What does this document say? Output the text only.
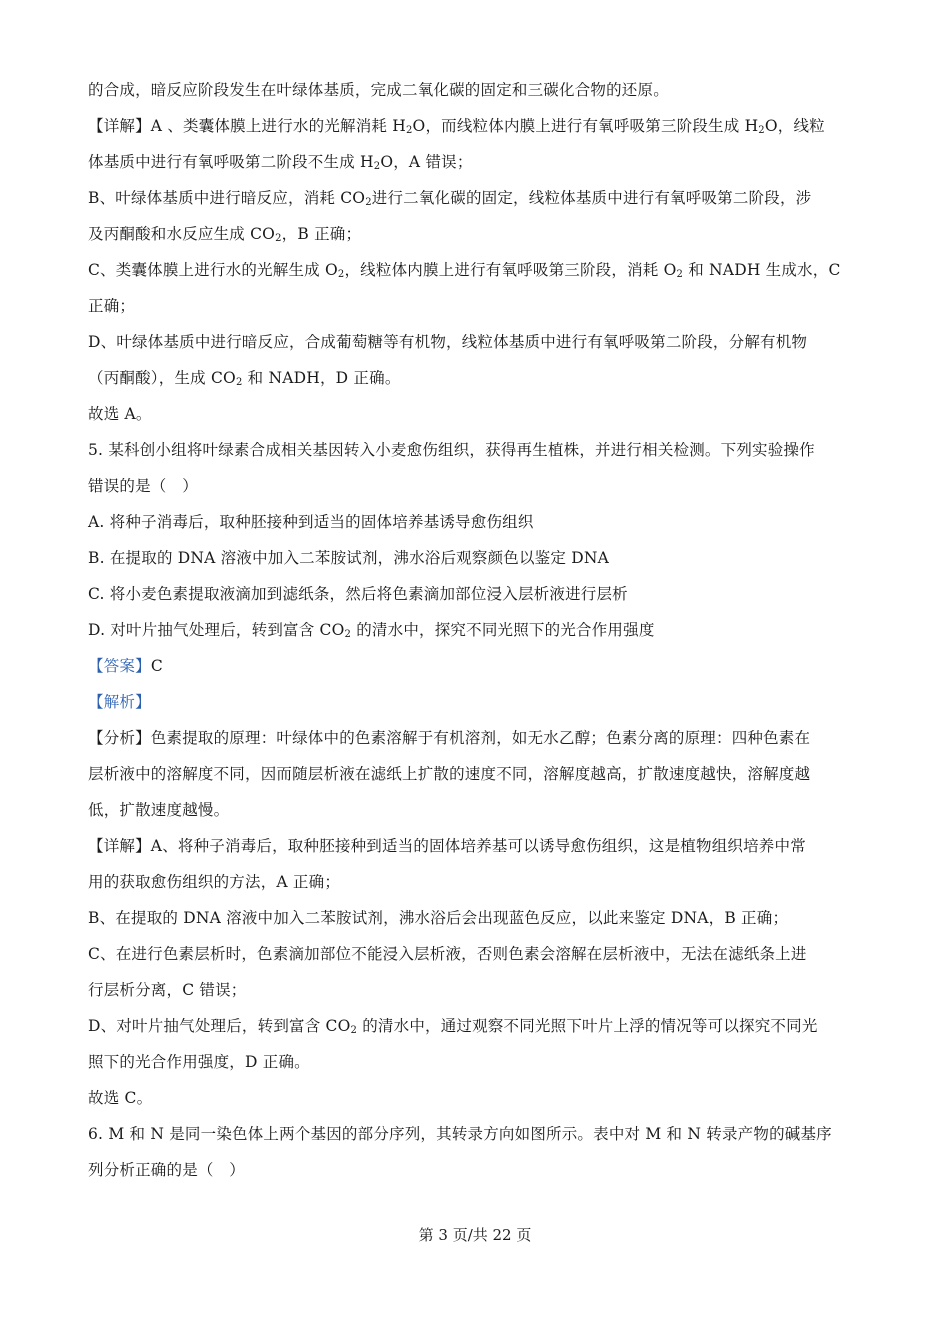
的合成，暗反应阶段发生在叶绿体基质，完成二氧化碳的固定和三碳化合物的还原。
【详解】A 、类囊体膜上进行水的光解消耗 $H_2O$，而线粒体内膜上进行有氧呼吸第三阶段生成 $H_2O$，线粒
体基质中进行有氧呼吸第二阶段不生成 $H_2O$，A 错误；
B、叶绿体基质中进行暗反应，消耗 $CO_2$进行二氧化碳的固定，线粒体基质中进行有氧呼吸第二阶段，涉
及丙酮酸和水反应生成 $CO_2$，B 正确；
C、类囊体膜上进行水的光解生成 $O_2$，线粒体内膜上进行有氧呼吸第三阶段，消耗 $O_2$ 和 NADH 生成水，C
正确；
D、叶绿体基质中进行暗反应，合成葡萄糖等有机物，线粒体基质中进行有氧呼吸第二阶段，分解有机物
（丙酮酸），生成 $CO_2$ 和 NADH，D 正确。
故选 A。
5. 某科创小组将叶绿素合成相关基因转入小麦愈伤组织，获得再生植株，并进行相关检测。下列实验操作
错误的是（　）
A. 将种子消毒后，取种胚接种到适当的固体培养基诱导愈伤组织
B. 在提取的 DNA 溶液中加入二苯胺试剂，沸水浴后观察颜色以鉴定 DNA
C. 将小麦色素提取液滴加到滤纸条，然后将色素滴加部位浸入层析液进行层析
D. 对叶片抽气处理后，转到富含 $CO_2$ 的清水中，探究不同光照下的光合作用强度
【答案】C
【解析】
【分析】色素提取的原理：叶绿体中的色素溶解于有机溶剂，如无水乙醇；色素分离的原理：四种色素在
层析液中的溶解度不同，因而随层析液在滤纸上扩散的速度不同，溶解度越高，扩散速度越快，溶解度越
低，扩散速度越慢。
【详解】A、将种子消毒后，取种胚接种到适当的固体培养基可以诱导愈伤组织，这是植物组织培养中常
用的获取愈伤组织的方法，A 正确；
B、在提取的 DNA 溶液中加入二苯胺试剂，沸水浴后会出现蓝色反应，以此来鉴定 DNA，B 正确；
C、在进行色素层析时，色素滴加部位不能浸入层析液，否则色素会溶解在层析液中，无法在滤纸条上进
行层析分离，C 错误；
D、对叶片抽气处理后，转到富含 $CO_2$ 的清水中，通过观察不同光照下叶片上浮的情况等可以探究不同光
照下的光合作用强度，D 正确。
故选 C。
6. M 和 N 是同一染色体上两个基因的部分序列，其转录方向如图所示。表中对 M 和 N 转录产物的碱基序
列分析正确的是（　）
第 3 页/共 22 页
